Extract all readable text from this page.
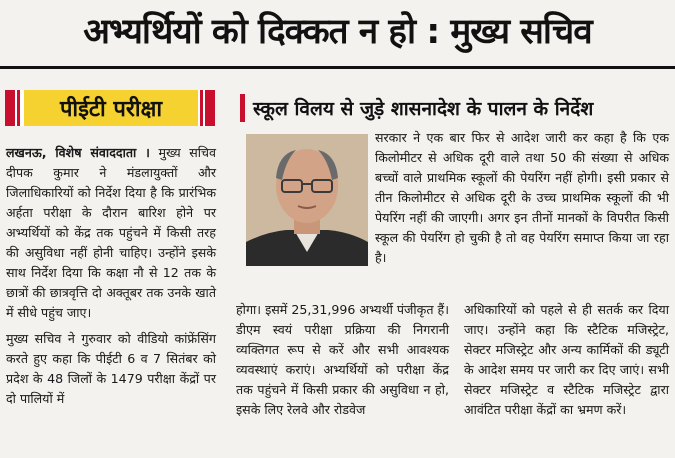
अभ्यर्थियों को दिक्कत न हो : मुख्य सचिव
पीईटी परीक्षा	स्कूल विलय से जुड़े शासनादेश के पालन के निर्देश
लखनऊ, विशेष संवाददाता । मुख्य सचिव दीपक कुमार ने मंडलायुक्तों और जिलाधिकारियों को निर्देश दिया है कि प्रारंभिक अर्हता परीक्षा के दौरान बारिश होने पर अभ्यर्थियों को केंद्र तक पहुंचने में किसी तरह की असुविधा नहीं होनी चाहिए। उन्होंने इसके साथ निर्देश दिया कि कक्षा नौ से 12 तक के छात्रों की छात्रवृत्ति दो अक्तूबर तक उनके खाते में सीधे पहुंच जाए।
मुख्य सचिव ने गुरुवार को वीडियो कांफ्रेंसिंग करते हुए कहा कि पीईटी 6 व 7 सितंबर को प्रदेश के 48 जिलों के 1479 परीक्षा केंद्रों पर दो पालियों में
सरकार ने एक बार फिर से आदेश जारी कर कहा है कि एक किलोमीटर से अधिक दूरी वाले तथा 50 की संख्या से अधिक बच्चों वाले प्राथमिक स्कूलों की पेयरिंग नहीं होगी। इसी प्रकार से तीन किलोमीटर से अधिक दूरी के उच्च प्राथमिक स्कूलों की भी पेयरिंग नहीं की जाएगी। अगर इन तीनों मानकों के विपरीत किसी स्कूल की पेयरिंग हो चुकी है तो वह पेयरिंग समाप्त किया जा रहा है।
होगा। इसमें 25,31,996 अभ्यर्थी पंजीकृत हैं। डीएम स्वयं परीक्षा प्रक्रिया की निगरानी व्यक्तिगत रूप से करें और सभी आवश्यक व्यवस्थाएं कराएं। अभ्यर्थियों को परीक्षा केंद्र तक पहुंचने में किसी प्रकार की असुविधा न हो, इसके लिए रेलवे और रोडवेज
अधिकारियों को पहले से ही सतर्क कर दिया जाए। उन्होंने कहा कि स्टैटिक मजिस्ट्रेट, सेक्टर मजिस्ट्रेट और अन्य कार्मिकों की ड्यूटी के आदेश समय पर जारी कर दिए जाएं। सभी सेक्टर मजिस्ट्रेट व स्टैटिक मजिस्ट्रेट द्वारा आवंटित परीक्षा केंद्रों का भ्रमण करें।
